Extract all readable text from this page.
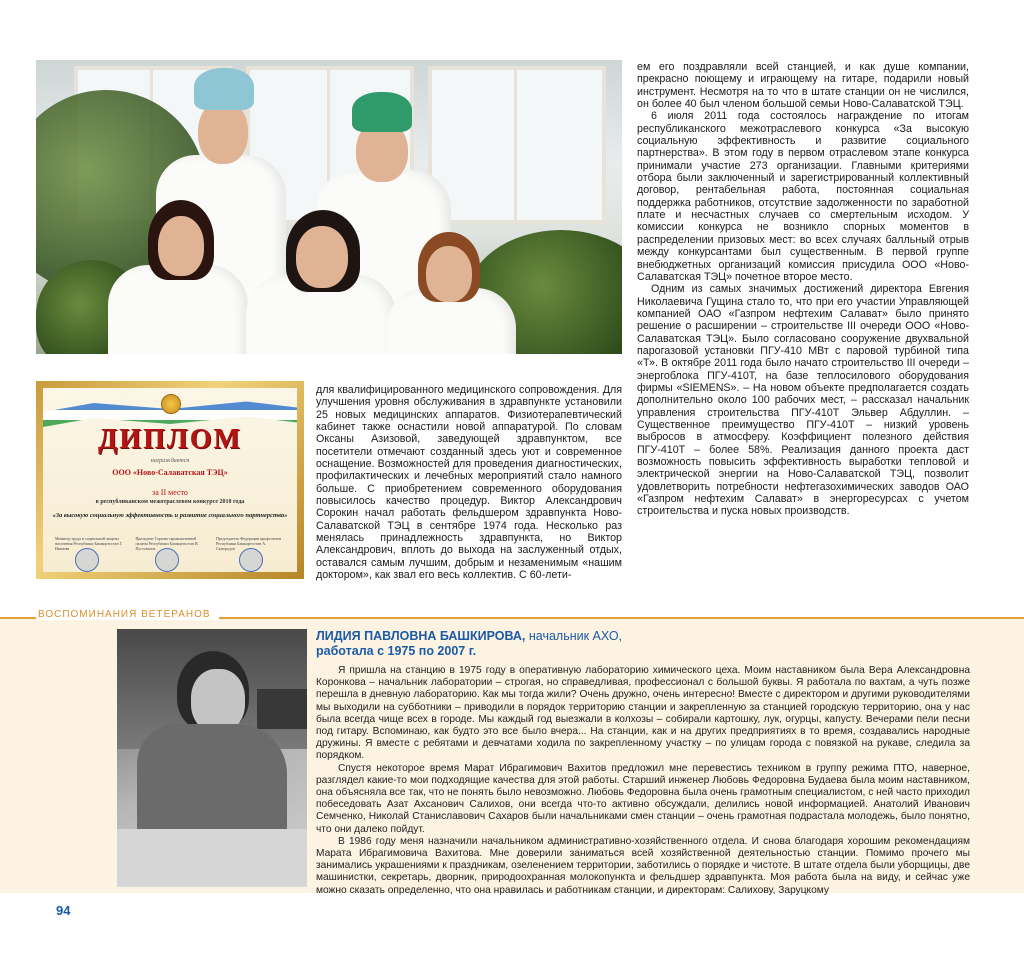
ем его поздравляли всей станцией, и как душе компании, прекрасно поющему и играющему на гитаре, подарили новый инструмент. Несмотря на то что в штате станции он не числился, он более 40 был членом большой семьи Ново-Салаватской ТЭЦ.

6 июля 2011 года состоялось награждение по итогам республиканского межотраслевого конкурса «За высокую социальную эффективность и развитие социального партнерства». В этом году в первом отраслевом этапе конкурса принимали участие 273 организации. Главными критериями отбора были заключенный и зарегистрированный коллективный договор, рентабельная работа, постоянная социальная поддержка работников, отсутствие задолженности по заработной плате и несчастных случаев со смертельным исходом. У комиссии конкурса не возникло спорных моментов в распределении призовых мест: во всех случаях балльный отрыв между конкурсантами был существенным. В первой группе внебюджетных организаций комиссия присудила ООО «Ново-Салаватская ТЭЦ» почетное второе место.

Одним из самых значимых достижений директора Евгения Николаевича Гущина стало то, что при его участии Управляющей компанией ОАО «Газпром нефтехим Салават» было принято решение о расширении – строительстве III очереди ООО «Ново-Салаватская ТЭЦ». Было согласовано сооружение двухвальной парогазовой установки ПГУ-410 МВт с паровой турбиной типа «Т». В октябре 2011 года было начато строительство III очереди – энергоблока ПГУ-410Т, на базе теплосилового оборудования фирмы «SIEMENS». – На новом объекте предполагается создать дополнительно около 100 рабочих мест, – рассказал начальник управления строительства ПГУ-410Т Эльвер Абдуллин. – Существенное преимущество ПГУ-410Т – низкий уровень выбросов в атмосферу. Коэффициент полезного действия ПГУ-410Т – более 58%. Реализация данного проекта даст возможность повысить эффективность выработки тепловой и электрической энергии на Ново-Салаватской ТЭЦ, позволит удовлетворить потребности нефтегазохимических заводов ОАО «Газпром нефтехим Салават» в энергоресурсах с учетом строительства и пуска новых производств.

ДИПЛОМ
награждается
ООО «Ново-Салаватская ТЭЦ»
за II место
в республиканском межотраслевом конкурсе 2010 года
«За высокую социальную эффективность и развитие социального партнерства»
Министр труда и социальной защиты населения Республики Башкортостан Г. Иванова
Президент Торгово-промышленной палаты Республики Башкортостан И. Пустовалов
Председатель Федерации профсоюзов Республики Башкортостан А. Самородов

для квалифицированного медицинского сопровождения. Для улучшения уровня обслуживания в здравпункте установили 25 новых медицинских аппаратов. Физиотерапевтический кабинет также оснастили новой аппаратурой. По словам Оксаны Азизовой, заведующей здравпунктом, все посетители отмечают созданный здесь уют и современное оснащение. Возможностей для проведения диагностических, профилактических и лечебных мероприятий стало намного больше. С приобретением современного оборудования повысилось качество процедур. Виктор Александрович Сорокин начал работать фельдшером здравпункта Ново-Салаватской ТЭЦ в сентябре 1974 года. Несколько раз менялась принадлежность здравпункта, но Виктор Александрович, вплоть до выхода на заслуженный отдых, оставался самым лучшим, добрым и незаменимым «нашим доктором», как звал его весь коллектив. С 60-лети-

ВОСПОМИНАНИЯ ВЕТЕРАНОВ
ЛИДИЯ ПАВЛОВНА БАШКИРОВА, начальник АХО,
работала с 1975 по 2007 г.

Я пришла на станцию в 1975 году в оперативную лабораторию химического цеха. Моим наставником была Вера Александровна Коронкова – начальник лаборатории – строгая, но справедливая, профессионал с большой буквы. Я работала по вахтам, а чуть позже перешла в дневную лабораторию. Как мы тогда жили? Очень дружно, очень интересно! Вместе с директором и другими руководителями мы выходили на субботники – приводили в порядок территорию станции и закрепленную за станцией городскую территорию, она у нас была всегда чище всех в городе. Мы каждый год выезжали в колхозы – собирали картошку, лук, огурцы, капусту. Вечерами пели песни под гитару. Вспоминаю, как будто это все было вчера... На станции, как и на других предприятиях в то время, создавались народные дружины. Я вместе с ребятами и девчатами ходила по закрепленному участку – по улицам города с повязкой на рукаве, следила за порядком.

Спустя некоторое время Марат Ибрагимович Вахитов предложил мне перевестись техником в группу режима ПТО, наверное, разглядел какие-то мои подходящие качества для этой работы. Старший инженер Любовь Федоровна Будаева была моим наставником, она объясняла все так, что не понять было невозможно. Любовь Федоровна была очень грамотным специалистом, с ней часто приходил побеседовать Азат Ахсанович Салихов, они всегда что-то активно обсуждали, делились новой информацией. Анатолий Иванович Семченко, Николай Станиславович Сахаров были начальниками смен станции – очень грамотная подрастала молодежь, было понятно, что они далеко пойдут.

В 1986 году меня назначили начальником административно-хозяйственного отдела. И снова благодаря хорошим рекомендациям Марата Ибрагимовича Вахитова. Мне доверили заниматься всей хозяйственной деятельностью станции. Помимо прочего мы занимались украшениями к праздникам, озеленением территории, заботились о порядке и чистоте. В штате отдела были уборщицы, две машинистки, секретарь, дворник, природоохранная молокопункта и фельдшер здравпункта. Моя работа была на виду, и сейчас уже можно сказать определенно, что она нравилась и работникам станции, и директорам: Салихову, Заруцкому

94
